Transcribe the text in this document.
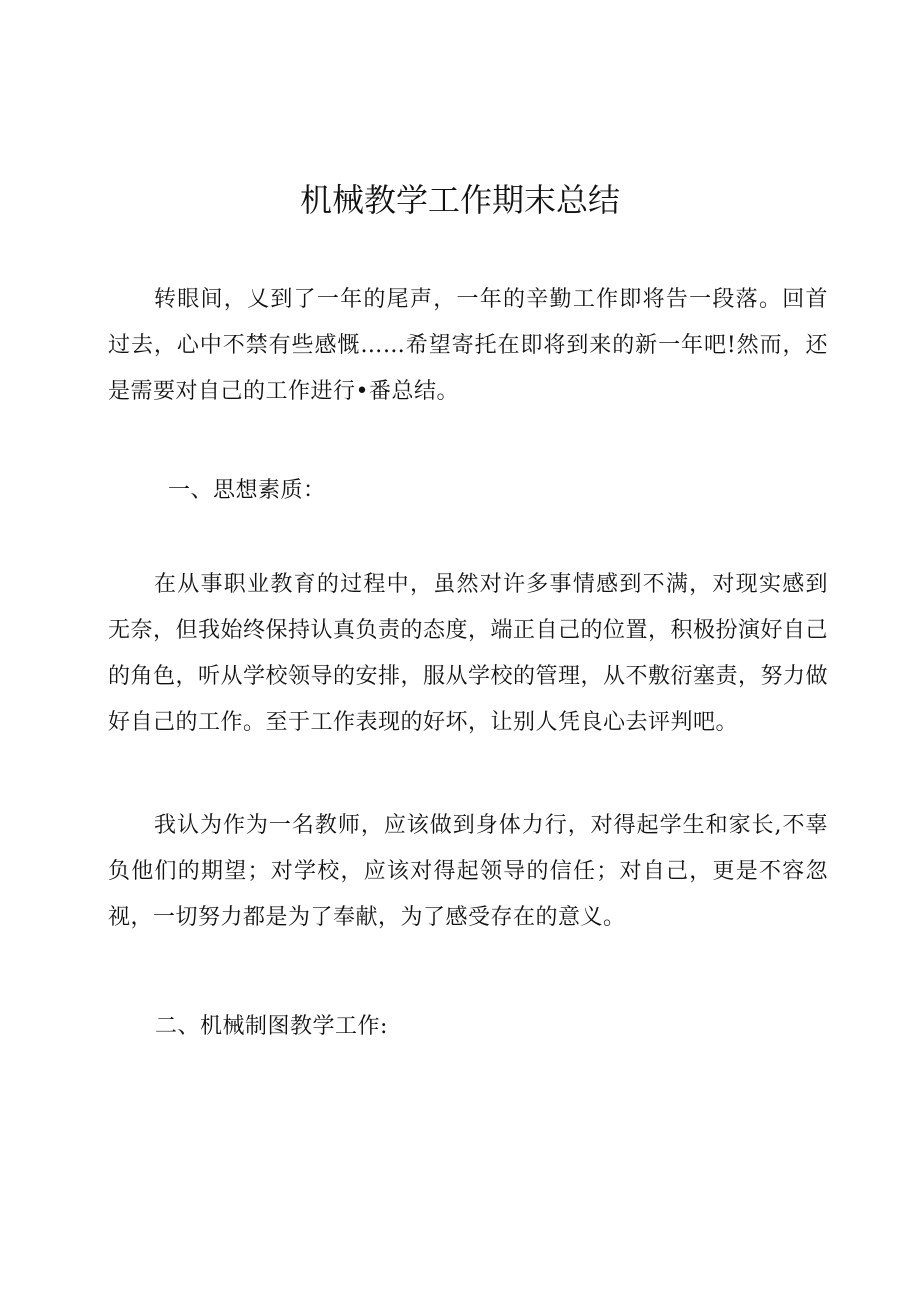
机械教学工作期末总结

转眼间，乂到了一年的尾声，一年的辛勤工作即将告一段落。回首过去，心中不禁有些感慨……希望寄托在即将到来的新一年吧!然而，还是需要对自己的工作进行•番总结。

一、思想素质：

在从事职业教育的过程中，虽然对许多事情感到不满，对现实感到无奈，但我始终保持认真负责的态度，端正自己的位置，积极扮演好自己的角色，听从学校领导的安排，服从学校的管理，从不敷衍塞责，努力做好自己的工作。至于工作表现的好坏，让别人凭良心去评判吧。

我认为作为一名教师，应该做到身体力行，对得起学生和家长,不辜负他们的期望；对学校，应该对得起领导的信任；对自己，更是不容忽视，一切努力都是为了奉献，为了感受存在的意义。

二、机械制图教学工作:
